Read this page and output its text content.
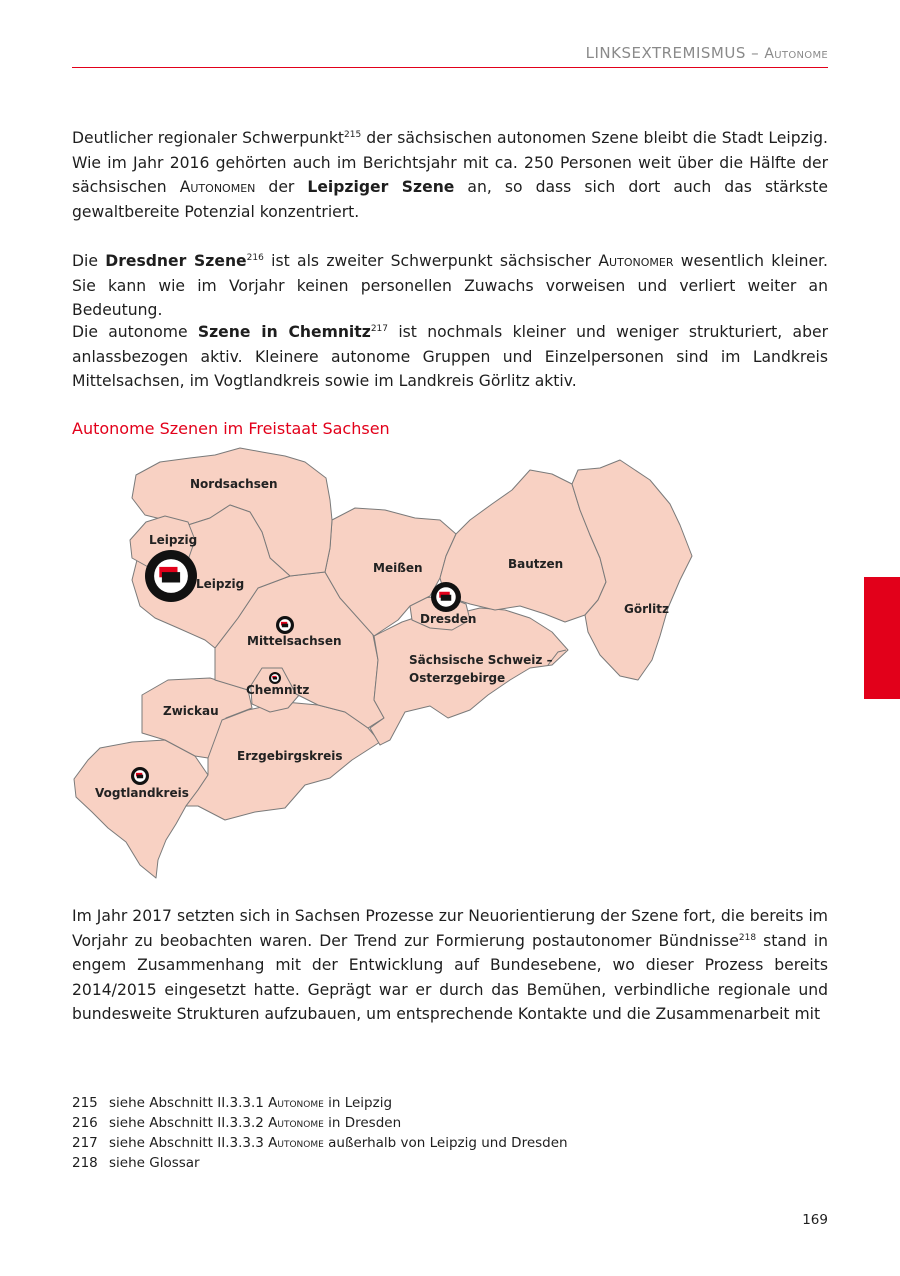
LINKSEXTREMISMUS – Autonome

Deutlicher regionaler Schwerpunkt$^{215}$ der sächsischen autonomen Szene bleibt die Stadt Leipzig. Wie im Jahr 2016 gehörten auch im Berichtsjahr mit ca. 250 Personen weit über die Hälfte der sächsischen Autonomen der Leipziger Szene an, so dass sich dort auch das stärkste gewaltbereite Potenzial konzentriert.

Die Dresdner Szene$^{216}$ ist als zweiter Schwerpunkt sächsischer Autonomer wesentlich kleiner. Sie kann wie im Vorjahr keinen personellen Zuwachs vorweisen und verliert weiter an Bedeutung.

Die autonome Szene in Chemnitz$^{217}$ ist nochmals kleiner und weniger strukturiert, aber anlassbezogen aktiv. Kleinere autonome Gruppen und Einzelpersonen sind im Landkreis Mittelsachsen, im Vogtlandkreis sowie im Landkreis Görlitz aktiv.

Autonome Szenen im Freistaat Sachsen
Nordsachsen
Leipzig
Leipzig
Meißen	Bautzen
Görlitz
Dresden
Mittelsachsen
Sächsische Schweiz –
Osterzgebirge
Chemnitz
Zwickau
Erzgebirgskreis
Vogtlandkreis

Im Jahr 2017 setzten sich in Sachsen Prozesse zur Neuorientierung der Szene fort, die bereits im Vorjahr zu beobachten waren. Der Trend zur Formierung postautonomer Bündnisse$^{218}$ stand in engem Zusammenhang mit der Entwicklung auf Bundesebene, wo dieser Prozess bereits 2014/2015 eingesetzt hatte. Geprägt war er durch das Bemühen, verbindliche regionale und bundesweite Strukturen aufzubauen, um entsprechende Kontakte und die Zusammenarbeit mit

215 siehe Abschnitt II.3.3.1 Autonome in Leipzig
216 siehe Abschnitt II.3.3.2 Autonome in Dresden
217 siehe Abschnitt II.3.3.3 Autonome außerhalb von Leipzig und Dresden
218 siehe Glossar
169
